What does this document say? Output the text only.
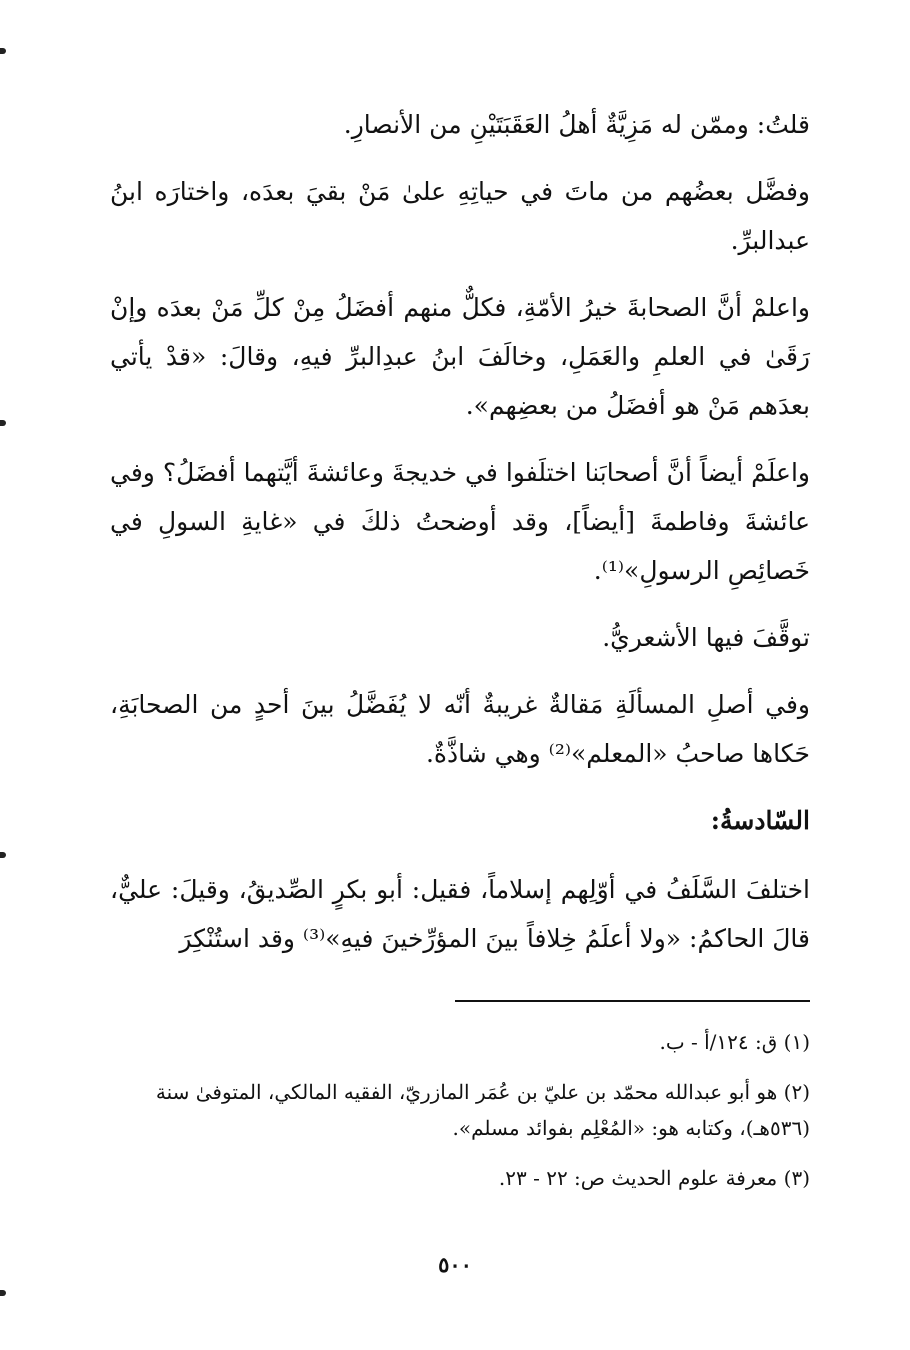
قلتُ: وممّن له مَزِيَّةٌ أهلُ العَقَبَتَيْنِ من الأنصارِ.

وفضَّل بعضُهم من ماتَ في حياتِهِ علىٰ مَنْ بقيَ بعدَه، واختارَه ابنُ عبدالبرِّ.

واعلمْ أنَّ الصحابةَ خيرُ الأمّةِ، فكلٌّ منهم أفضَلُ مِنْ كلِّ مَنْ بعدَه وإنْ رَقَىٰ في العلمِ والعَمَلِ، وخالَفَ ابنُ عبدِالبرِّ فيهِ، وقالَ: «قدْ يأتي بعدَهم مَنْ هو أفضَلُ من بعضِهم».

واعلَمْ أيضاً أنَّ أصحابَنا اختلَفوا في خديجةَ وعائشةَ أيَّتهما أفضَلُ؟ وفي عائشةَ وفاطمةَ [أيضاً]، وقد أوضحتُ ذلكَ في «غايةِ السولِ في خَصائِصِ الرسولِ»⁽¹⁾.

توقَّفَ فيها الأشعريُّ.

وفي أصلِ المسألَةِ مَقالةٌ غريبةٌ أنّه لا يُفَضَّلُ بينَ أحدٍ من الصحابَةِ، حَكاها صاحبُ «المعلم»⁽²⁾ وهي شاذَّةٌ.

السّادسةُ:

اختلفَ السَّلَفُ في أوّلِهم إسلاماً، فقيل: أبو بكرٍ الصِّديقُ، وقيلَ: عليٌّ، قالَ الحاكمُ: «ولا أعلَمُ خِلافاً بينَ المؤرِّخينَ فيهِ»⁽³⁾ وقد استُنْكِرَ

(١) ق: ١٢٤/أ - ب.

(٢) هو أبو عبدالله محمّد بن عليّ بن عُمَر المازريّ، الفقيه المالكي، المتوفىٰ سنة (٥٣٦هـ)، وكتابه هو: «المُعْلِم بفوائد مسلم».

(٣) معرفة علوم الحديث ص: ٢٢ - ٢٣.

٥٠٠
